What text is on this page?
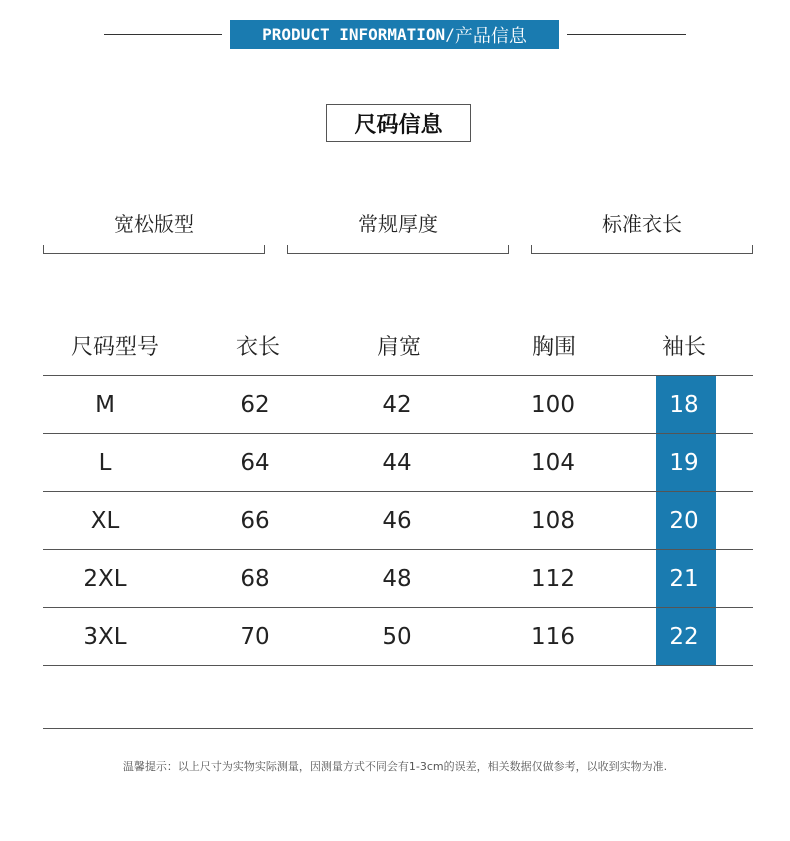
PRODUCT INFORMATION / 产品信息
尺码信息
宽松版型	常规厚度	标准衣长
尺码型号	衣长	肩宽	胸围	袖长
M	62	42	100	18
L	64	44	104	19
XL	66	46	108	20
2XL	68	48	112	21
3XL	70	50	116	22
温馨提示：以上尺寸为实物实际测量，因测量方式不同会有1-3cm的误差，相关数据仅做参考，以收到实物为准.
